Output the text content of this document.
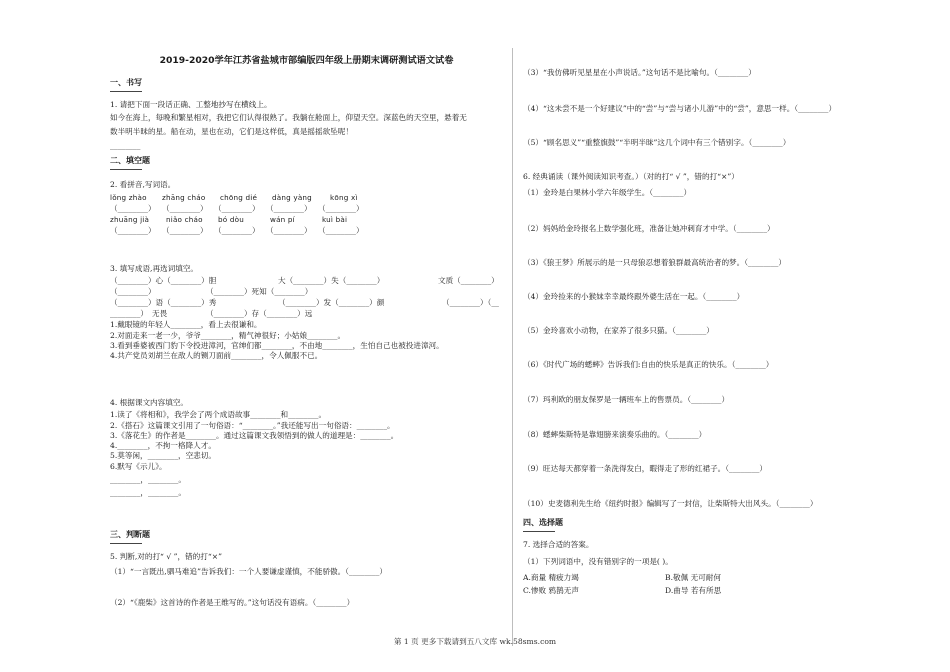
2019-2020学年江苏省盐城市部编版四年级上册期末调研测试语文试卷
一、书写

1. 请把下面一段话正确、工整地抄写在横线上。

如今在海上，每晚和繁星相对，我把它们认得很熟了。我躺在舱面上，仰望天空。深蓝色的天空里，悬着无

数半明半昧的星。船在动，星也在动，它们是这样低，真是摇摇欲坠呢！

________

二、填空题

2. 看拼音,写词语。

lǒng zhào zhāng cháo chōng dié dàng yàng	kōng xì
（________） （________） （________） （________） （________）
zhuāng jià niǎo cháo bó dòu	wán pí	kuì bài
（________） （________） （________） （________） （________）

3. 填写成语,再选词填空。

（________）心（________）胆	大（________）失（________）	文质（________）
（________）	（________）死知（________）
（________）语（________）秀	（________）发（________）颜	（________）（__
________） 无畏	（________）存（________）远

1.戴眼镜的年轻人________，看上去很谦和。

2.对面走来一老一少，爷爷________，精气神很好；小姑娘________。

3.看到垂婆被西门豹下令投进漳河，官绅们都________，不由地________，生怕自己也被投进漳河。

4.共产党员刘胡兰在敌人的铡刀面前________，令人佩服不已。

4. 根据课文内容填空。

1.读了《将相和》，我学会了两个成语故事________和________。

2.《搭石》这篇课文引用了一句俗语：“________。”我还能写出一句俗语：________。

3.《落花生》的作者是________。通过这篇课文我领悟到的做人的道理是：________。

4.________，不拘一格降人才。

5.莫等闲，________，空悲切。

6.默写《示儿》。

________，________。

________，________。

三、判断题

5. 判断,对的打“ √ ”，错的打“×”

（1）“一言既出,驷马难追”告诉我们：一个人要谦虚谨慎，不能骄傲。（________）

（2）“《鹿柴》这首诗的作者是王维写的。”这句话没有语病。（________）

（3）“我仿佛听见星星在小声说话。”这句话不是比喻句。（________）
（4）“这未尝不是一个好建议”中的“尝”与“尝与诸小儿游”中的“尝”，意思一样。（________）
（5）“顾名思义”“重整旗鼓”“半明半昧”这几个词中有三个错别字。（________）
6. 经典诵读（课外阅读知识考查。）（对的打“ √ ”，错的打“×”）
（1）金玲是白果林小学六年级学生。（________）
（2）妈妈给金玲报名上数学强化班，准备让她冲刺育才中学。（________）
（3）《狼王梦》所展示的是一只母狼忍想着狼群最高统治者的梦。（________）
（4）金玲捡来的小猴妹幸幸最终跟外婆生活在一起。（________）
（5）金玲喜欢小动物，在家养了很多只猫。（________）
（6）《时代广场的蟋蟀》告诉我们:自由的快乐是真正的快乐。（________）
（7）玛利欧的朋友保罗是一辆班车上的售票员。（________）
（8）蟋蟀柴斯特是靠翅膀来演奏乐曲的。（________）
（9）旺达每天都穿着一条洗得发白，暇得走了形的红裙子。（________）
（10）史麦德利先生给《纽约时报》编辑写了一封信，让柴斯特大出风头。（________）
四、选择题
7. 选择合适的答案。
（1）下列词语中，没有错别字的一项是( )。
A.商量 精疲力竭	B.敬佩 无可耐何
C.惨败 鸦鹊无声	D.曲导 若有所思
第 1 页 更多下载请到五八文库 wk.58sms.com
